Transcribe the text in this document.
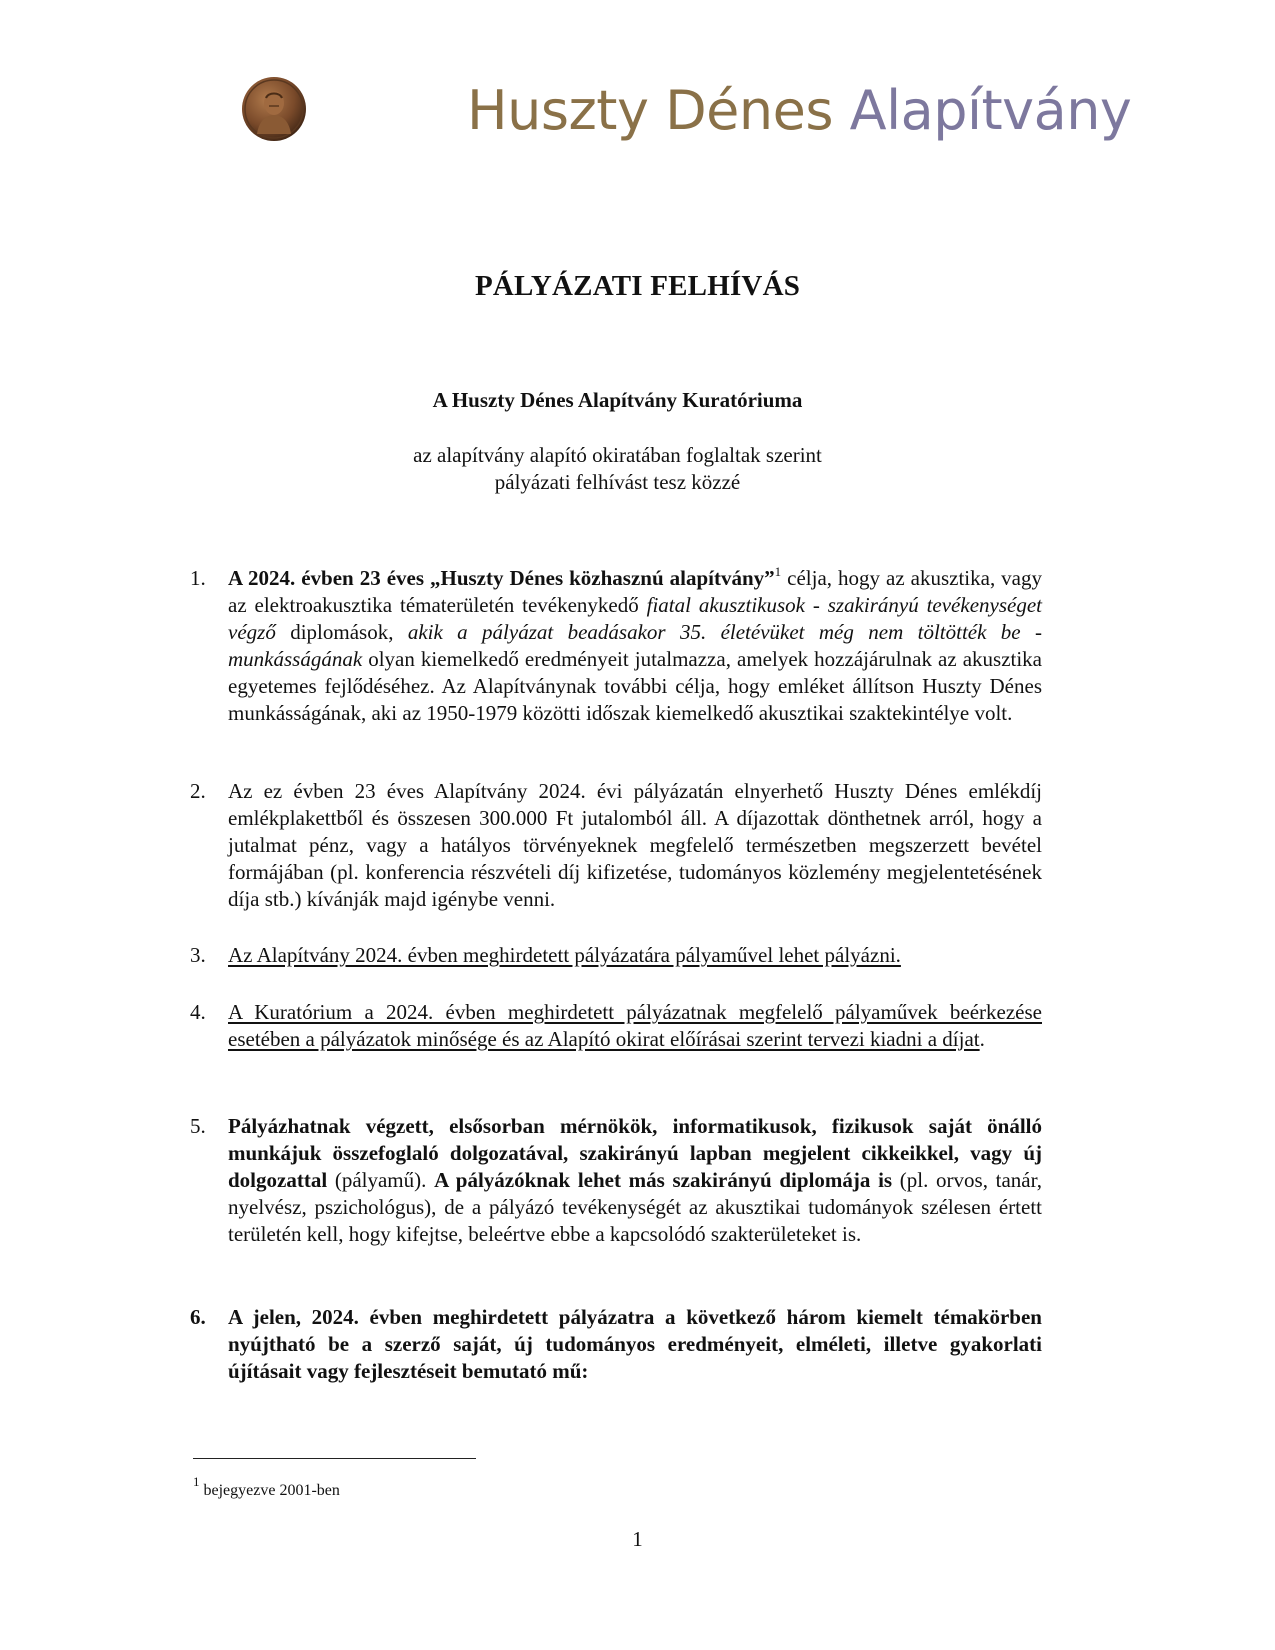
Huszty Dénes Alapítvány
PÁLYÁZATI FELHÍVÁS
A Huszty Dénes Alapítvány Kuratóriuma
az alapítvány alapító okiratában foglaltak szerint
pályázati felhívást tesz közzé
1.	A 2024. évben 23 éves „Huszty Dénes közhasznú alapítvány”$^1$ célja, hogy az akusztika, vagy az elektroakusztika tématerületén tevékenykedő fiatal akusztikusok - szakirányú tevékenységet végző diplomások, akik a pályázat beadásakor 35. életévüket még nem töltötték be - munkásságának olyan kiemelkedő eredményeit jutalmazza, amelyek hozzájárulnak az akusztika egyetemes fejlődéséhez. Az Alapítványnak további célja, hogy emléket állítson Huszty Dénes munkásságának, aki az 1950-1979 közötti időszak kiemelkedő akusztikai szaktekintélye volt.
2.	Az ez évben 23 éves Alapítvány 2024. évi pályázatán elnyerhető Huszty Dénes emlékdíj emlékplakettből és összesen 300.000 Ft jutalomból áll. A díjazottak dönthetnek arról, hogy a jutalmat pénz, vagy a hatályos törvényeknek megfelelő természetben megszerzett bevétel formájában (pl. konferencia részvételi díj kifizetése, tudományos közlemény megjelentetésének díja stb.) kívánják majd igénybe venni.
3.	Az Alapítvány 2024. évben meghirdetett pályázatára pályaművel lehet pályázni.
4.	A Kuratórium a 2024. évben meghirdetett pályázatnak megfelelő pályaművek beérkezése esetében a pályázatok minősége és az Alapító okirat előírásai szerint tervezi kiadni a díjat.
5.	Pályázhatnak végzett, elsősorban mérnökök, informatikusok, fizikusok saját önálló munkájuk összefoglaló dolgozatával, szakirányú lapban megjelent cikkeikkel, vagy új dolgozattal (pályamű). A pályázóknak lehet más szakirányú diplomája is (pl. orvos, tanár, nyelvész, pszichológus), de a pályázó tevékenységét az akusztikai tudományok szélesen értett területén kell, hogy kifejtse, beleértve ebbe a kapcsolódó szakterületeket is.
6.	A jelen, 2024. évben meghirdetett pályázatra a következő három kiemelt témakörben nyújtható be a szerző saját, új tudományos eredményeit, elméleti, illetve gyakorlati újításait vagy fejlesztéseit bemutató mű:
$^1$ bejegyezve 2001-ben
1
